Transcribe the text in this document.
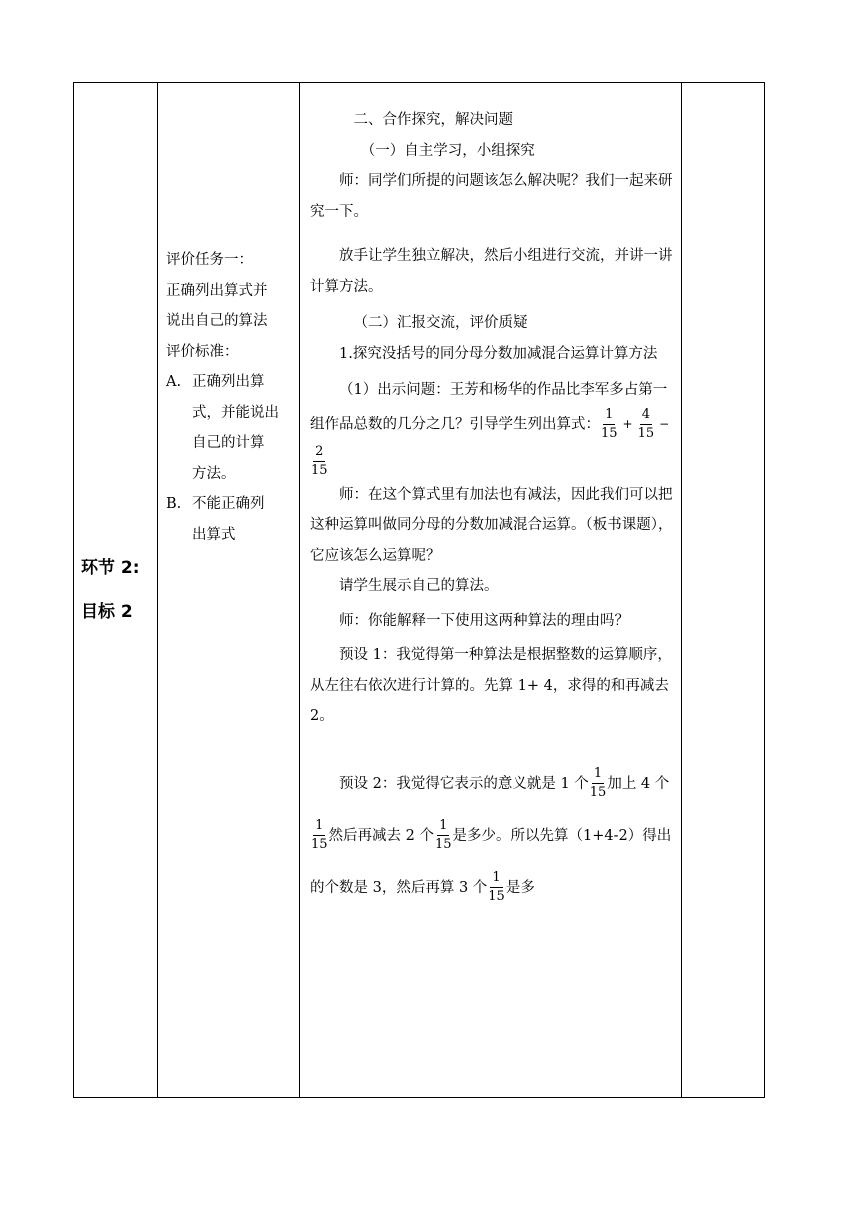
环节 2:
目标 2

评价任务一：
正确列出算式并
说出自己的算法
评价标准：
A. 正确列出算
式，并能说出
自己的计算
方法。
B. 不能正确列
出算式

二、合作探究，解决问题

（一）自主学习，小组探究

师：同学们所提的问题该怎么解决呢？我们一起来研究一下。

放手让学生独立解决，然后小组进行交流，并讲一讲计算方法。

（二）汇报交流，评价质疑

1.探究没括号的同分母分数加减混合运算计算方法

（1）出示问题：王芳和杨华的作品比李军多占第一组作品总数的几分之几？引导学生列出算式： $\frac{1}{15} + \frac{4}{15}$ −
$\frac{2}{15}$

师：在这个算式里有加法也有减法，因此我们可以把这种运算叫做同分母的分数加减混合运算。（板书课题），它应该怎么运算呢？

请学生展示自己的算法。

师：你能解释一下使用这两种算法的理由吗？

预设 1：我觉得第一种算法是根据整数的运算顺序，从左往右依次进行计算的。先算 1+ 4，求得的和再减去 2。

预设 2：我觉得它表示的意义就是 1 个 $\frac{1}{15}$ 加上 4 个
$\frac{1}{15}$ 然后再减去 2 个 $\frac{1}{15}$ 是多少。所以先算（1+4-2）得出的个数是 3，然后再算 3 个 $\frac{1}{15}$ 是多
